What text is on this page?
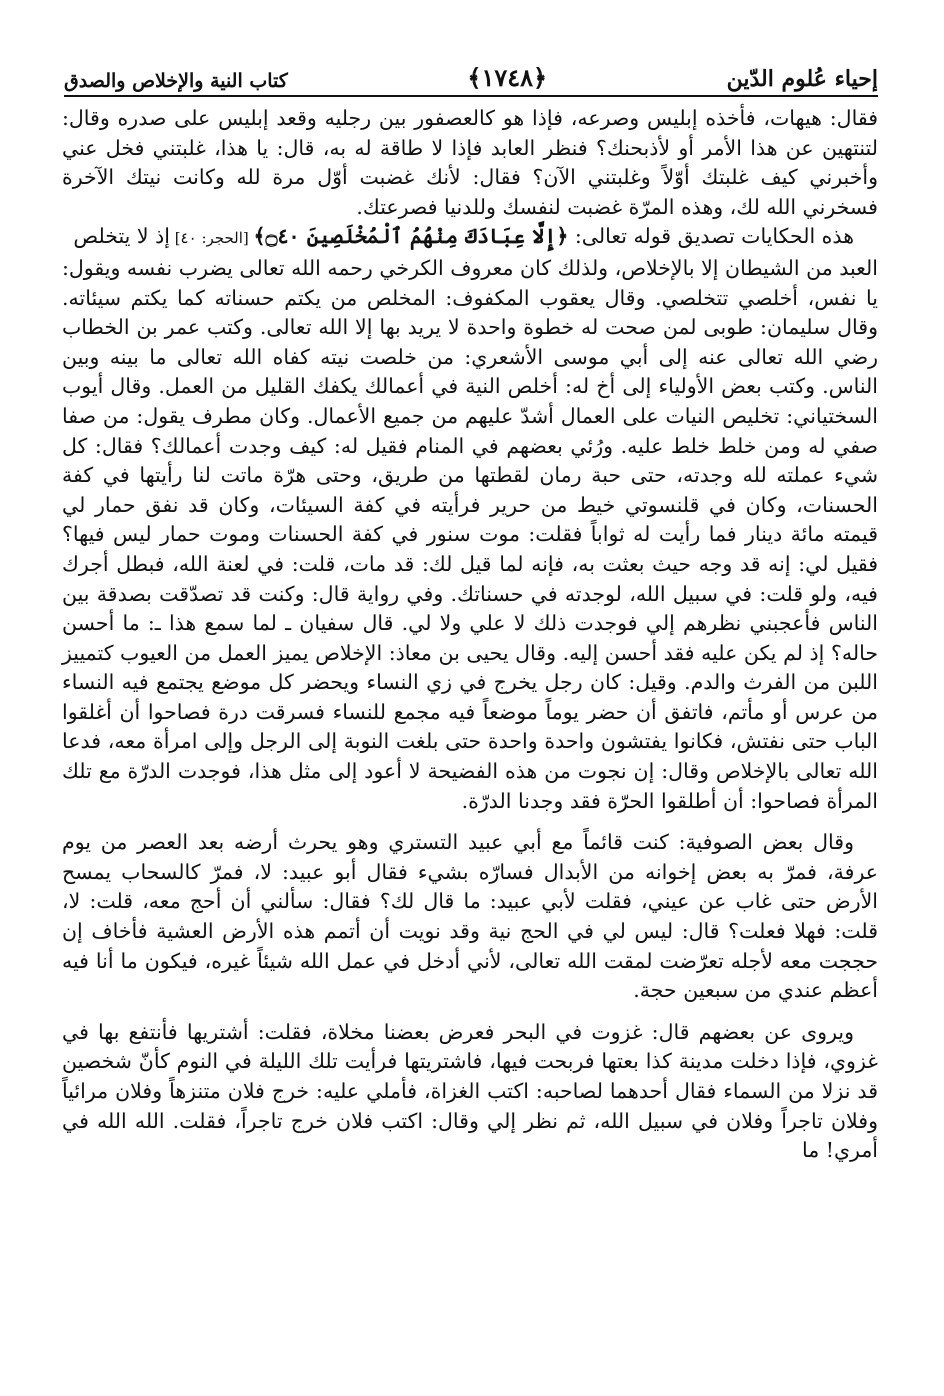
إحياء عُلوم الدّين
﴿١٧٤٨﴾
كتاب النية والإخلاص والصدق

فقال: هيهات، فأخذه إبليس وصرعه، فإذا هو كالعصفور بين رجليه وقعد إبليس على صدره وقال: لتنتهين عن هذا الأمر أو لأذبحنك؟ فنظر العابد فإذا لا طاقة له به، قال: يا هذا، غلبتني فخل عني وأخبرني كيف غلبتك أوّلاً وغلبتني الآن؟ فقال: لأنك غضبت أوّل مرة لله وكانت نيتك الآخرة فسخرني الله لك، وهذه المرّة غضبت لنفسك وللدنيا فصرعتك.

هذه الحكايات تصديق قوله تعالى: ﴿إِلَّا عِبَادَكَ مِنْهُمُ ٱلْمُخْلَصِينَ ۝٤٠﴾ [الحجر: ٤٠] إذ لا يتخلص

العبد من الشيطان إلا بالإخلاص، ولذلك كان معروف الكرخي رحمه الله تعالى يضرب نفسه ويقول: يا نفس، أخلصي تتخلصي. وقال يعقوب المكفوف: المخلص من يكتم حسناته كما يكتم سيئاته. وقال سليمان: طوبى لمن صحت له خطوة واحدة لا يريد بها إلا الله تعالى. وكتب عمر بن الخطاب رضي الله تعالى عنه إلى أبي موسى الأشعري: من خلصت نيته كفاه الله تعالى ما بينه وبين الناس. وكتب بعض الأولياء إلى أخ له: أخلص النية في أعمالك يكفك القليل من العمل. وقال أيوب السختياني: تخليص النيات على العمال أشدّ عليهم من جميع الأعمال. وكان مطرف يقول: من صفا صفي له ومن خلط خلط عليه. ورُئي بعضهم في المنام فقيل له: كيف وجدت أعمالك؟ فقال: كل شيء عملته لله وجدته، حتى حبة رمان لقطتها من طريق، وحتى هرّة ماتت لنا رأيتها في كفة الحسنات، وكان في قلنسوتي خيط من حرير فرأيته في كفة السيئات، وكان قد نفق حمار لي قيمته مائة دينار فما رأيت له ثواباً فقلت: موت سنور في كفة الحسنات وموت حمار ليس فيها؟ فقيل لي: إنه قد وجه حيث بعثت به، فإنه لما قيل لك: قد مات، قلت: في لعنة الله، فبطل أجرك فيه، ولو قلت: في سبيل الله، لوجدته في حسناتك. وفي رواية قال: وكنت قد تصدّقت بصدقة بين الناس فأعجبني نظرهم إلي فوجدت ذلك لا علي ولا لي. قال سفيان ـ لما سمع هذا ـ: ما أحسن حاله؟ إذ لم يكن عليه فقد أحسن إليه. وقال يحيى بن معاذ: الإخلاص يميز العمل من العيوب كتمييز اللبن من الفرث والدم. وقيل: كان رجل يخرج في زي النساء ويحضر كل موضع يجتمع فيه النساء من عرس أو مأتم، فاتفق أن حضر يوماً موضعاً فيه مجمع للنساء فسرقت درة فصاحوا أن أغلقوا الباب حتى نفتش، فكانوا يفتشون واحدة واحدة حتى بلغت النوبة إلى الرجل وإلى امرأة معه، فدعا الله تعالى بالإخلاص وقال: إن نجوت من هذه الفضيحة لا أعود إلى مثل هذا، فوجدت الدرّة مع تلك المرأة فصاحوا: أن أطلقوا الحرّة فقد وجدنا الدرّة.

وقال بعض الصوفية: كنت قائماً مع أبي عبيد التستري وهو يحرث أرضه بعد العصر من يوم عرفة، فمرّ به بعض إخوانه من الأبدال فسارّه بشيء فقال أبو عبيد: لا، فمرّ كالسحاب يمسح الأرض حتى غاب عن عيني، فقلت لأبي عبيد: ما قال لك؟ فقال: سألني أن أحج معه، قلت: لا، قلت: فهلا فعلت؟ قال: ليس لي في الحج نية وقد نويت أن أتمم هذه الأرض العشية فأخاف إن حججت معه لأجله تعرّضت لمقت الله تعالى، لأني أدخل في عمل الله شيئاً غيره، فيكون ما أنا فيه أعظم عندي من سبعين حجة.

ويروى عن بعضهم قال: غزوت في البحر فعرض بعضنا مخلاة، فقلت: أشتريها فأنتفع بها في غزوي، فإذا دخلت مدينة كذا بعتها فربحت فيها، فاشتريتها فرأيت تلك الليلة في النوم كأنّ شخصين قد نزلا من السماء فقال أحدهما لصاحبه: اكتب الغزاة، فأملي عليه: خرج فلان متنزهاً وفلان مرائياً وفلان تاجراً وفلان في سبيل الله، ثم نظر إلي وقال: اكتب فلان خرج تاجراً، فقلت. الله الله في أمري! ما
